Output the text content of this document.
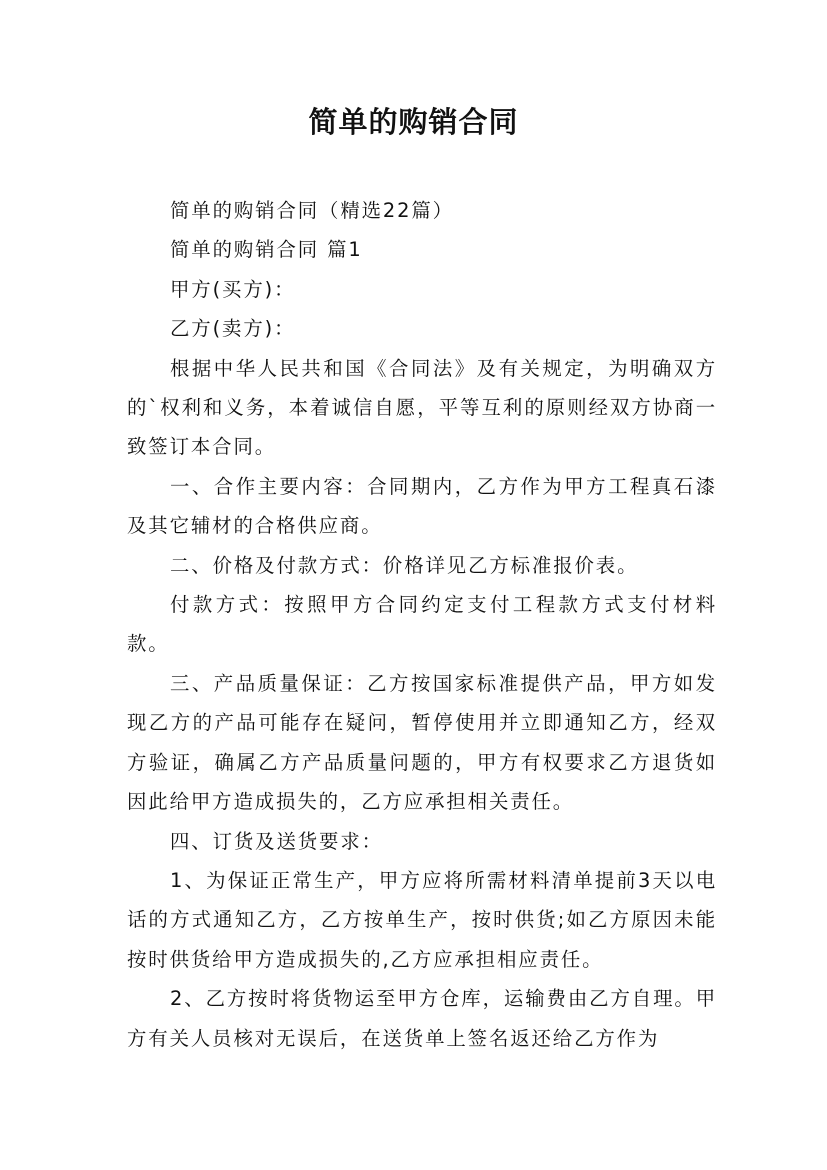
简单的购销合同

简单的购销合同（精选22篇）

简单的购销合同 篇1

甲方(买方)：

乙方(卖方)：

根据中华人民共和国《合同法》及有关规定，为明确双方的`权利和义务，本着诚信自愿，平等互利的原则经双方协商一致签订本合同。

一、合作主要内容：合同期内，乙方作为甲方工程真石漆及其它辅材的合格供应商。

二、价格及付款方式：价格详见乙方标准报价表。

付款方式：按照甲方合同约定支付工程款方式支付材料款。

三、产品质量保证：乙方按国家标准提供产品，甲方如发现乙方的产品可能存在疑问，暂停使用并立即通知乙方，经双方验证，确属乙方产品质量问题的，甲方有权要求乙方退货如因此给甲方造成损失的，乙方应承担相关责任。

四、订货及送货要求：

1、为保证正常生产，甲方应将所需材料清单提前3天以电话的方式通知乙方，乙方按单生产，按时供货;如乙方原因未能按时供货给甲方造成损失的,乙方应承担相应责任。

2、乙方按时将货物运至甲方仓库，运输费由乙方自理。甲方有关人员核对无误后，在送货单上签名返还给乙方作为
